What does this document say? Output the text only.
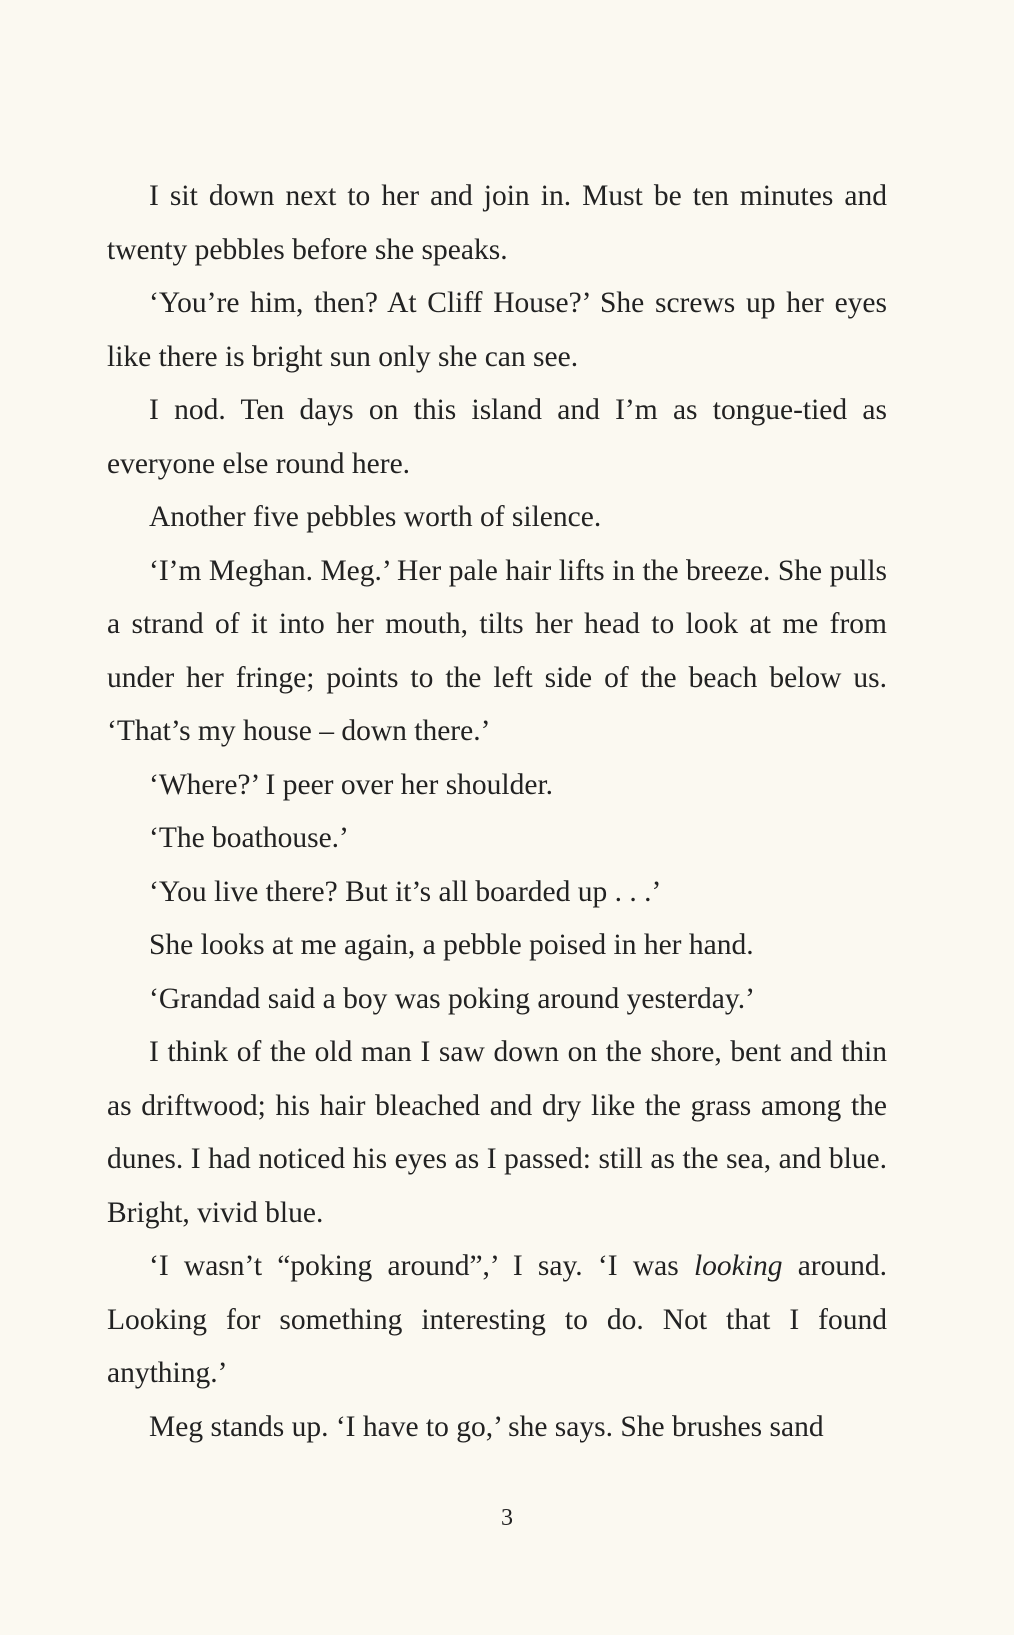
I sit down next to her and join in. Must be ten minutes and twenty pebbles before she speaks.

‘You’re him, then? At Cliff House?’ She screws up her eyes like there is bright sun only she can see.

I nod. Ten days on this island and I’m as tongue-tied as everyone else round here.

Another five pebbles worth of silence.

‘I’m Meghan. Meg.’ Her pale hair lifts in the breeze. She pulls a strand of it into her mouth, tilts her head to look at me from under her fringe; points to the left side of the beach below us. ‘That’s my house – down there.’

‘Where?’ I peer over her shoulder.

‘The boathouse.’

‘You live there? But it’s all boarded up . . .’

She looks at me again, a pebble poised in her hand.

‘Grandad said a boy was poking around yesterday.’

I think of the old man I saw down on the shore, bent and thin as driftwood; his hair bleached and dry like the grass among the dunes. I had noticed his eyes as I passed: still as the sea, and blue. Bright, vivid blue.

‘I wasn’t “poking around”,’ I say. ‘I was looking around. Looking for something interesting to do. Not that I found anything.’

Meg stands up. ‘I have to go,’ she says. She brushes sand

3
